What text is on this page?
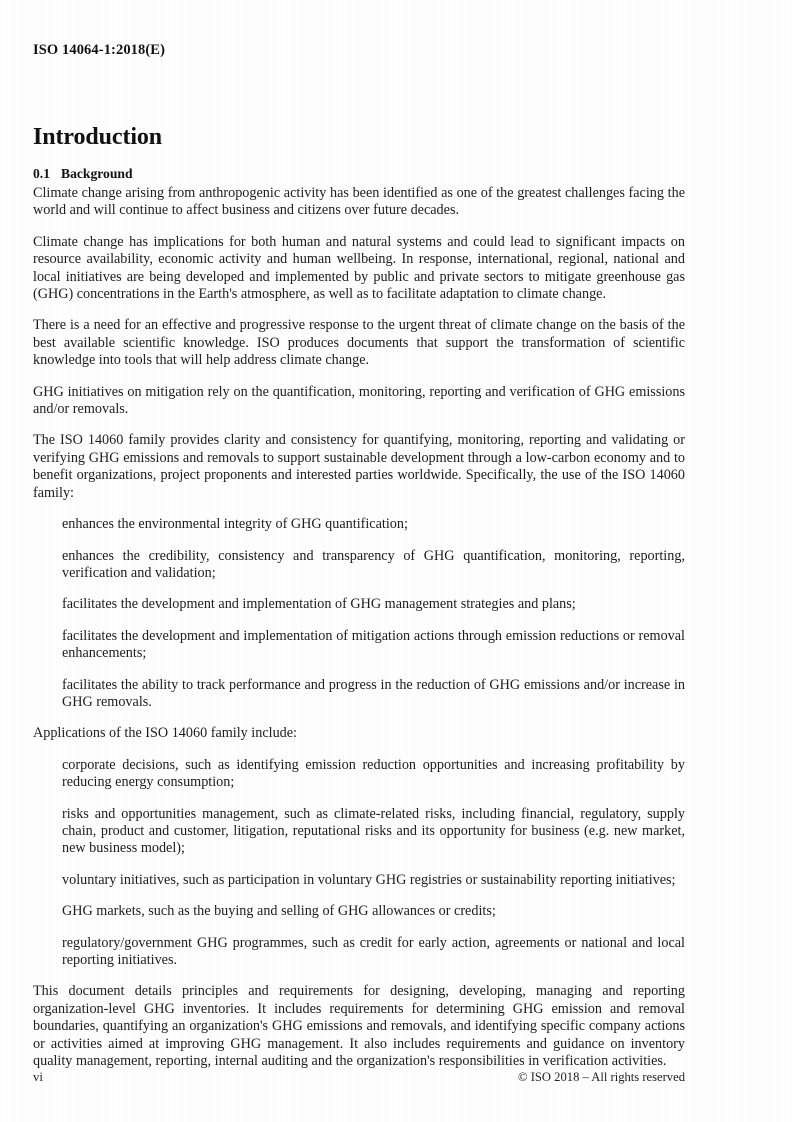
ISO 14064-1:2018(E)
Introduction
0.1 Background

Climate change arising from anthropogenic activity has been identified as one of the greatest challenges facing the world and will continue to affect business and citizens over future decades.

Climate change has implications for both human and natural systems and could lead to significant impacts on resource availability, economic activity and human wellbeing. In response, international, regional, national and local initiatives are being developed and implemented by public and private sectors to mitigate greenhouse gas (GHG) concentrations in the Earth's atmosphere, as well as to facilitate adaptation to climate change.

There is a need for an effective and progressive response to the urgent threat of climate change on the basis of the best available scientific knowledge. ISO produces documents that support the transformation of scientific knowledge into tools that will help address climate change.

GHG initiatives on mitigation rely on the quantification, monitoring, reporting and verification of GHG emissions and/or removals.

The ISO 14060 family provides clarity and consistency for quantifying, monitoring, reporting and validating or verifying GHG emissions and removals to support sustainable development through a low-carbon economy and to benefit organizations, project proponents and interested parties worldwide. Specifically, the use of the ISO 14060 family:

enhances the environmental integrity of GHG quantification;

enhances the credibility, consistency and transparency of GHG quantification, monitoring, reporting, verification and validation;

facilitates the development and implementation of GHG management strategies and plans;

facilitates the development and implementation of mitigation actions through emission reductions or removal enhancements;

facilitates the ability to track performance and progress in the reduction of GHG emissions and/or increase in GHG removals.

Applications of the ISO 14060 family include:

corporate decisions, such as identifying emission reduction opportunities and increasing profitability by reducing energy consumption;

risks and opportunities management, such as climate-related risks, including financial, regulatory, supply chain, product and customer, litigation, reputational risks and its opportunity for business (e.g. new market, new business model);

voluntary initiatives, such as participation in voluntary GHG registries or sustainability reporting initiatives;

GHG markets, such as the buying and selling of GHG allowances or credits;

regulatory/government GHG programmes, such as credit for early action, agreements or national and local reporting initiatives.

This document details principles and requirements for designing, developing, managing and reporting organization-level GHG inventories. It includes requirements for determining GHG emission and removal boundaries, quantifying an organization's GHG emissions and removals, and identifying specific company actions or activities aimed at improving GHG management. It also includes requirements and guidance on inventory quality management, reporting, internal auditing and the organization's responsibilities in verification activities.

vi	© ISO 2018 – All rights reserved
